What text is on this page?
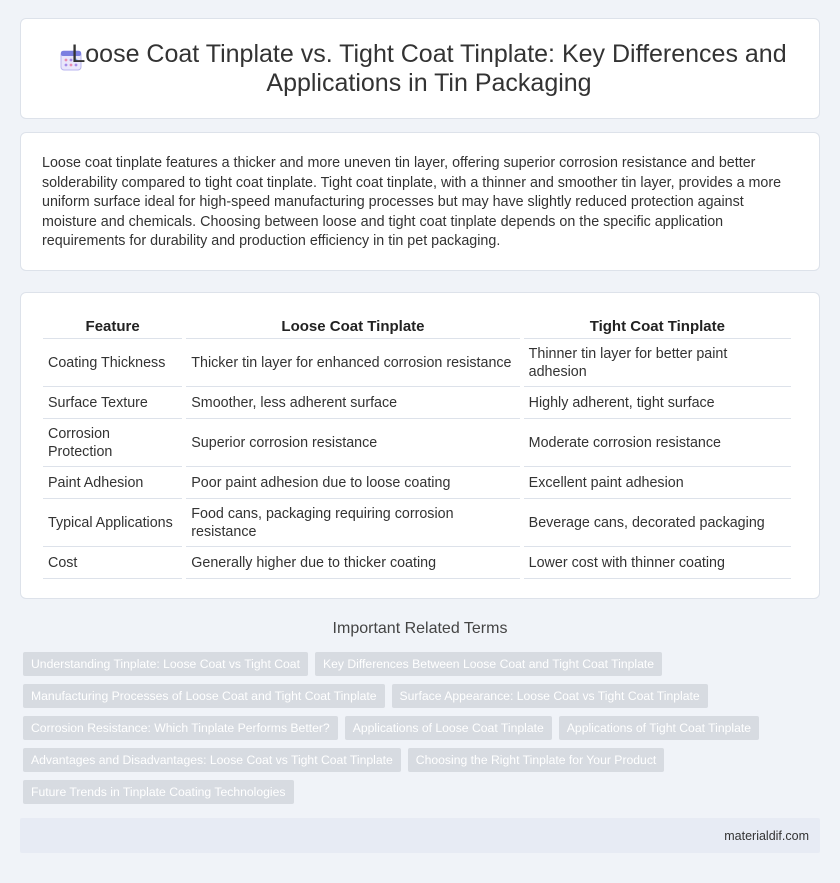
Loose Coat Tinplate vs. Tight Coat Tinplate: Key Differences and Applications in Tin Packaging

Loose coat tinplate features a thicker and more uneven tin layer, offering superior corrosion resistance and better solderability compared to tight coat tinplate. Tight coat tinplate, with a thinner and smoother tin layer, provides a more uniform surface ideal for high-speed manufacturing processes but may have slightly reduced protection against moisture and chemicals. Choosing between loose and tight coat tinplate depends on the specific application requirements for durability and production efficiency in tin pet packaging.

Feature	Loose Coat Tinplate	Tight Coat Tinplate
Coating Thickness	Thicker tin layer for enhanced corrosion resistance	Thinner tin layer for better paint adhesion
Surface Texture	Smoother, less adherent surface	Highly adherent, tight surface
Corrosion Protection	Superior corrosion resistance	Moderate corrosion resistance
Paint Adhesion	Poor paint adhesion due to loose coating	Excellent paint adhesion
Typical Applications	Food cans, packaging requiring corrosion resistance	Beverage cans, decorated packaging
Cost	Generally higher due to thicker coating	Lower cost with thinner coating
Important Related Terms
Understanding Tinplate: Loose Coat vs Tight Coat	Key Differences Between Loose Coat and Tight Coat Tinplate
Manufacturing Processes of Loose Coat and Tight Coat Tinplate	Surface Appearance: Loose Coat vs Tight Coat Tinplate
Corrosion Resistance: Which Tinplate Performs Better?	Applications of Loose Coat Tinplate	Applications of Tight Coat Tinplate
Advantages and Disadvantages: Loose Coat vs Tight Coat Tinplate	Choosing the Right Tinplate for Your Product
Future Trends in Tinplate Coating Technologies
materialdif.com
